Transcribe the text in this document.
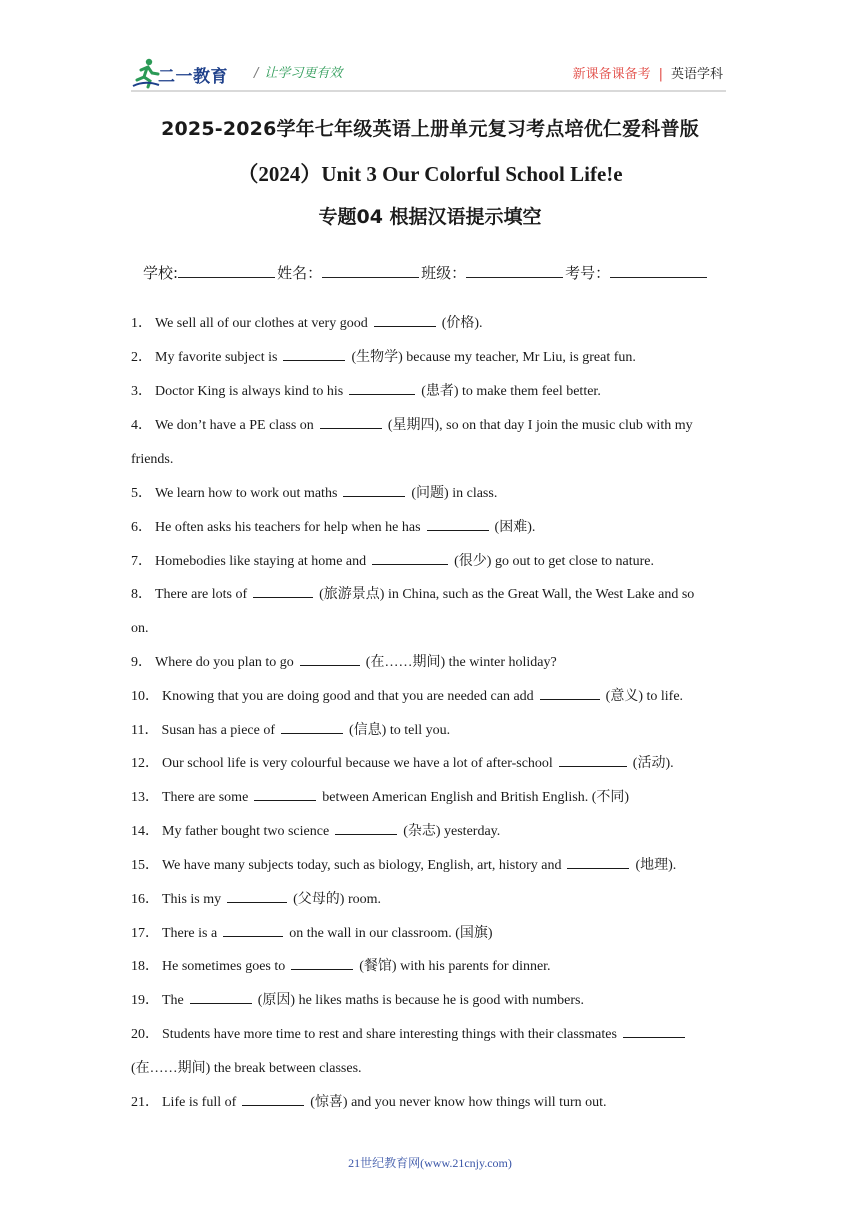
二一教育 / 让学习更有效	新课备课备考 | 英语学科
2025-2026学年七年级英语上册单元复习考点培优仁爱科普版
（2024）Unit 3 Our Colorful School Life!e
专题04 根据汉语提示填空
学校:	姓名：	班级：	考号：
1． We sell all of our clothes at very good	(价格).
2． My favorite subject is	(生物学) because my teacher, Mr Liu, is great fun.
3． Doctor King is always kind to his	(患者) to make them feel better.
4． We don’t have a PE class on	(星期四), so on that day I join the music club with my
friends.
5． We learn how to work out maths	(问题) in class.
6． He often asks his teachers for help when he has	(困难).
7． Homebodies like staying at home and	(很少) go out to get close to nature.
8． There are lots of	(旅游景点) in China, such as the Great Wall, the West Lake and so
on.
9． Where do you plan to go	(在……期间) the winter holiday?
10． Knowing that you are doing good and that you are needed can add	(意义) to life.
11． Susan has a piece of	(信息) to tell you.
12． Our school life is very colourful because we have a lot of after-school	(活动).
13． There are some	between American English and British English. (不同)
14． My father bought two science	(杂志) yesterday.
15． We have many subjects today, such as biology, English, art, history and	(地理).
16． This is my	(父母的) room.
17． There is a	on the wall in our classroom. (国旗)
18． He sometimes goes to	(餐馆) with his parents for dinner.
19． The	(原因) he likes maths is because he is good with numbers.
20． Students have more time to rest and share interesting things with their classmates
(在……期间) the break between classes.
21． Life is full of	(惊喜) and you never know how things will turn out.
21世纪教育网(www.21cnjy.com)
